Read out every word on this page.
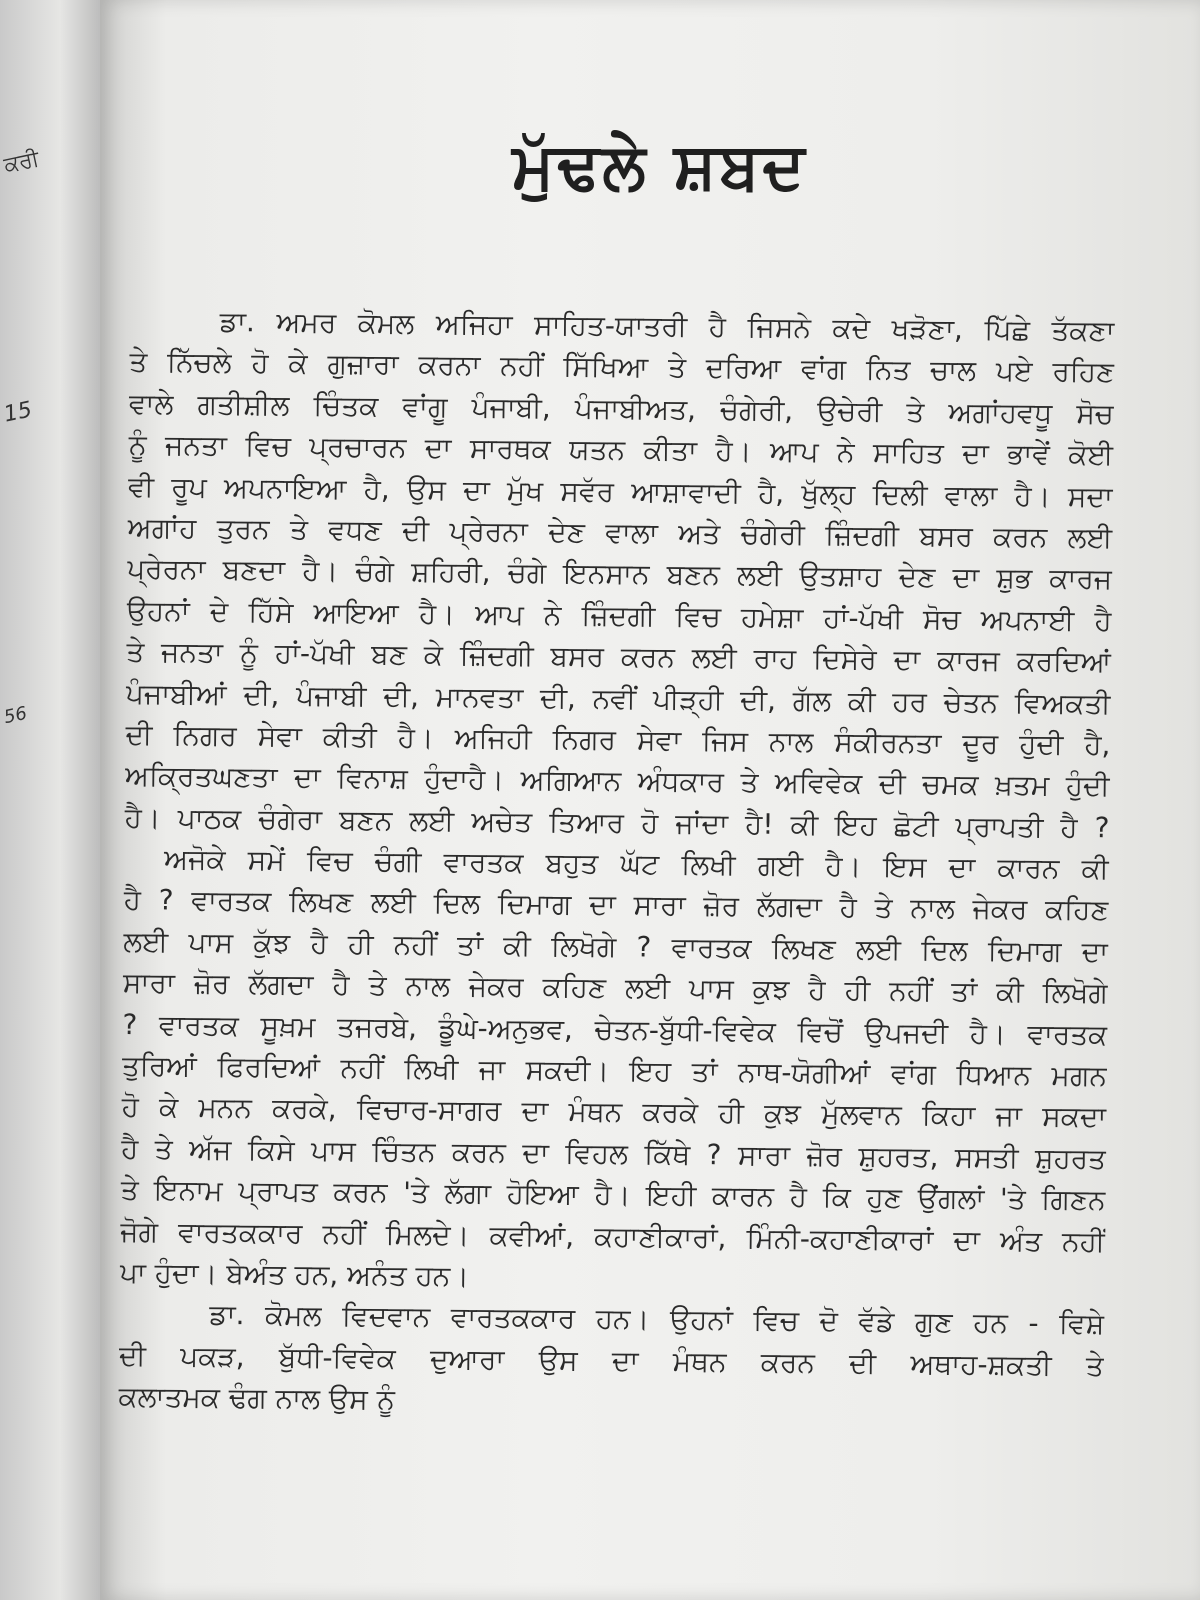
ਕਰੀ
15
56
ਮੁੱਢਲੇ ਸ਼ਬਦ
ਡਾ. ਅਮਰ ਕੋਮਲ ਅਜਿਹਾ ਸਾਹਿਤ-ਯਾਤਰੀ ਹੈ ਜਿਸਨੇ ਕਦੇ ਖੜੋਣਾ, ਪਿੱਛੇ ਤੱਕਣਾ
ਤੇ ਨਿੱਚਲੇ ਹੋ ਕੇ ਗੁਜ਼ਾਰਾ ਕਰਨਾ ਨਹੀਂ ਸਿੱਖਿਆ ਤੇ ਦਰਿਆ ਵਾਂਗ ਨਿਤ ਚਾਲ ਪਏ ਰਹਿਣ
ਵਾਲੇ ਗਤੀਸ਼ੀਲ ਚਿੰਤਕ ਵਾਂਗੂ ਪੰਜਾਬੀ, ਪੰਜਾਬੀਅਤ, ਚੰਗੇਰੀ, ਉਚੇਰੀ ਤੇ ਅਗਾਂਹਵਧੂ ਸੋਚ
ਨੂੰ ਜਨਤਾ ਵਿਚ ਪ੍ਰਚਾਰਨ ਦਾ ਸਾਰਥਕ ਯਤਨ ਕੀਤਾ ਹੈ। ਆਪ ਨੇ ਸਾਹਿਤ ਦਾ ਭਾਵੇਂ ਕੋਈ
ਵੀ ਰੂਪ ਅਪਨਾਇਆ ਹੈ, ਉਸ ਦਾ ਮੁੱਖ ਸਵੱਰ ਆਸ਼ਾਵਾਦੀ ਹੈ, ਖੁੱਲ੍ਹ ਦਿਲੀ ਵਾਲਾ ਹੈ। ਸਦਾ
ਅਗਾਂਹ ਤੁਰਨ ਤੇ ਵਧਣ ਦੀ ਪ੍ਰੇਰਨਾ ਦੇਣ ਵਾਲਾ ਅਤੇ ਚੰਗੇਰੀ ਜ਼ਿੰਦਗੀ ਬਸਰ ਕਰਨ ਲਈ
ਪ੍ਰੇਰਨਾ ਬਣਦਾ ਹੈ। ਚੰਗੇ ਸ਼ਹਿਰੀ, ਚੰਗੇ ਇਨਸਾਨ ਬਣਨ ਲਈ ਉਤਸ਼ਾਹ ਦੇਣ ਦਾ ਸ਼ੁਭ ਕਾਰਜ
ਉਹਨਾਂ ਦੇ ਹਿੱਸੇ ਆਇਆ ਹੈ। ਆਪ ਨੇ ਜ਼ਿੰਦਗੀ ਵਿਚ ਹਮੇਸ਼ਾ ਹਾਂ-ਪੱਖੀ ਸੋਚ ਅਪਨਾਈ ਹੈ
ਤੇ ਜਨਤਾ ਨੂੰ ਹਾਂ-ਪੱਖੀ ਬਣ ਕੇ ਜ਼ਿੰਦਗੀ ਬਸਰ ਕਰਨ ਲਈ ਰਾਹ ਦਿਸੇਰੇ ਦਾ ਕਾਰਜ ਕਰਦਿਆਂ
ਪੰਜਾਬੀਆਂ ਦੀ, ਪੰਜਾਬੀ ਦੀ, ਮਾਨਵਤਾ ਦੀ, ਨਵੀਂ ਪੀੜ੍ਹੀ ਦੀ, ਗੱਲ ਕੀ ਹਰ ਚੇਤਨ ਵਿਅਕਤੀ
ਦੀ ਨਿਗਰ ਸੇਵਾ ਕੀਤੀ ਹੈ। ਅਜਿਹੀ ਨਿਗਰ ਸੇਵਾ ਜਿਸ ਨਾਲ ਸੰਕੀਰਨਤਾ ਦੂਰ ਹੁੰਦੀ ਹੈ,
ਅਕ੍ਰਿਤਘਣਤਾ ਦਾ ਵਿਨਾਸ਼ ਹੁੰਦਾਹੈ। ਅਗਿਆਨ ਅੰਧਕਾਰ ਤੇ ਅਵਿਵੇਕ ਦੀ ਚਮਕ ਖ਼ਤਮ ਹੁੰਦੀ
ਹੈ। ਪਾਠਕ ਚੰਗੇਰਾ ਬਣਨ ਲਈ ਅਚੇਤ ਤਿਆਰ ਹੋ ਜਾਂਦਾ ਹੈ! ਕੀ ਇਹ ਛੋਟੀ ਪ੍ਰਾਪਤੀ ਹੈ ?
ਅਜੋਕੇ ਸਮੇਂ ਵਿਚ ਚੰਗੀ ਵਾਰਤਕ ਬਹੁਤ ਘੱਟ ਲਿਖੀ ਗਈ ਹੈ। ਇਸ ਦਾ ਕਾਰਨ ਕੀ
ਹੈ ? ਵਾਰਤਕ ਲਿਖਣ ਲਈ ਦਿਲ ਦਿਮਾਗ ਦਾ ਸਾਰਾ ਜ਼ੋਰ ਲੱਗਦਾ ਹੈ ਤੇ ਨਾਲ ਜੇਕਰ ਕਹਿਣ
ਲਈ ਪਾਸ ਕੁੱਝ ਹੈ ਹੀ ਨਹੀਂ ਤਾਂ ਕੀ ਲਿਖੋਗੇ ? ਵਾਰਤਕ ਲਿਖਣ ਲਈ ਦਿਲ ਦਿਮਾਗ ਦਾ
ਸਾਰਾ ਜ਼ੋਰ ਲੱਗਦਾ ਹੈ ਤੇ ਨਾਲ ਜੇਕਰ ਕਹਿਣ ਲਈ ਪਾਸ ਕੁਝ ਹੈ ਹੀ ਨਹੀਂ ਤਾਂ ਕੀ ਲਿਖੋਗੇ
? ਵਾਰਤਕ ਸੂਖ਼ਮ ਤਜਰਬੇ, ਡੂੰਘੇ-ਅਨੁਭਵ, ਚੇਤਨ-ਬੁੱਧੀ-ਵਿਵੇਕ ਵਿਚੋਂ ਉਪਜਦੀ ਹੈ। ਵਾਰਤਕ
ਤੁਰਿਆਂ ਫਿਰਦਿਆਂ ਨਹੀਂ ਲਿਖੀ ਜਾ ਸਕਦੀ। ਇਹ ਤਾਂ ਨਾਥ-ਯੋਗੀਆਂ ਵਾਂਗ ਧਿਆਨ ਮਗਨ
ਹੋ ਕੇ ਮਨਨ ਕਰਕੇ, ਵਿਚਾਰ-ਸਾਗਰ ਦਾ ਮੰਥਨ ਕਰਕੇ ਹੀ ਕੁਝ ਮੁੱਲਵਾਨ ਕਿਹਾ ਜਾ ਸਕਦਾ
ਹੈ ਤੇ ਅੱਜ ਕਿਸੇ ਪਾਸ ਚਿੰਤਨ ਕਰਨ ਦਾ ਵਿਹਲ ਕਿੱਥੇ ? ਸਾਰਾ ਜ਼ੋਰ ਸ਼ੁਹਰਤ, ਸਸਤੀ ਸ਼ੁਹਰਤ
ਤੇ ਇਨਾਮ ਪ੍ਰਾਪਤ ਕਰਨ 'ਤੇ ਲੱਗਾ ਹੋਇਆ ਹੈ। ਇਹੀ ਕਾਰਨ ਹੈ ਕਿ ਹੁਣ ਉਂਗਲਾਂ 'ਤੇ ਗਿਣਨ
ਜੋਗੇ ਵਾਰਤਕਕਾਰ ਨਹੀਂ ਮਿਲਦੇ। ਕਵੀਆਂ, ਕਹਾਣੀਕਾਰਾਂ, ਮਿੰਨੀ-ਕਹਾਣੀਕਾਰਾਂ ਦਾ ਅੰਤ ਨਹੀਂ
ਪਾ ਹੁੰਦਾ। ਬੇਅੰਤ ਹਨ, ਅਨੰਤ ਹਨ।
ਡਾ. ਕੋਮਲ ਵਿਦਵਾਨ ਵਾਰਤਕਕਾਰ ਹਨ। ਉਹਨਾਂ ਵਿਚ ਦੋ ਵੱਡੇ ਗੁਣ ਹਨ - ਵਿਸ਼ੇ
ਦੀ ਪਕੜ, ਬੁੱਧੀ-ਵਿਵੇਕ ਦੁਆਰਾ ਉਸ ਦਾ ਮੰਥਨ ਕਰਨ ਦੀ ਅਥਾਹ-ਸ਼ਕਤੀ ਤੇ
ਕਲਾਤਮਕ ਢੰਗ ਨਾਲ ਉਸ ਨੂੰ
